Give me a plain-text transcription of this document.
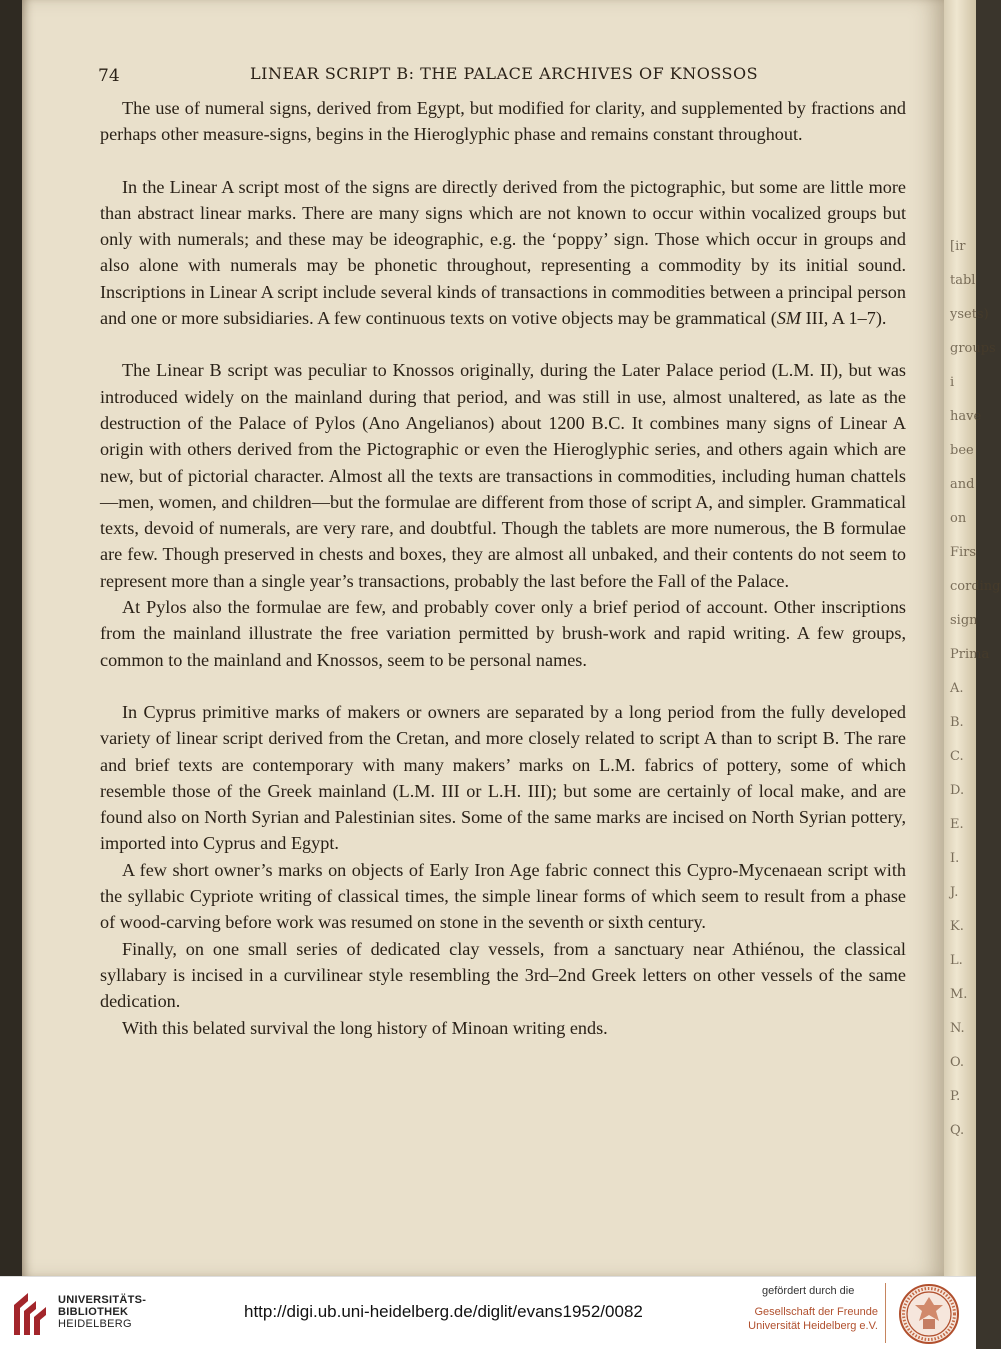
[ir tabl
ysets)
groups i
have bee
and on
Firs
cording
sign
Prima
A.
B.
C.
D.
E.
I.
J.
K.
L.
M.
N.
O.
P.
Q.
74	LINEAR SCRIPT B: THE PALACE ARCHIVES OF KNOSSOS

The use of numeral signs, derived from Egypt, but modified for clarity, and supplemented by fractions and perhaps other measure-signs, begins in the Hieroglyphic phase and remains constant throughout.

In the Linear A script most of the signs are directly derived from the pictographic, but some are little more than abstract linear marks. There are many signs which are not known to occur within vocalized groups but only with numerals; and these may be ideographic, e.g. the ‘poppy’ sign. Those which occur in groups and also alone with numerals may be phonetic throughout, representing a commodity by its initial sound. Inscriptions in Linear A script include several kinds of transactions in commodities between a principal person and one or more subsidiaries. A few continuous texts on votive objects may be grammatical (SM III, A 1–7).

The Linear B script was peculiar to Knossos originally, during the Later Palace period (L.M. II), but was introduced widely on the mainland during that period, and was still in use, almost unaltered, as late as the destruction of the Palace of Pylos (Ano Angelianos) about 1200 B.C. It combines many signs of Linear A origin with others derived from the Pictographic or even the Hieroglyphic series, and others again which are new, but of pictorial character. Almost all the texts are transactions in commodities, including human chattels—men, women, and children—but the formulae are different from those of script A, and simpler. Grammatical texts, devoid of numerals, are very rare, and doubtful. Though the tablets are more numerous, the B formulae are few. Though preserved in chests and boxes, they are almost all unbaked, and their contents do not seem to represent more than a single year’s transactions, probably the last before the Fall of the Palace.

At Pylos also the formulae are few, and probably cover only a brief period of account. Other inscriptions from the mainland illustrate the free variation permitted by brush-work and rapid writing. A few groups, common to the mainland and Knossos, seem to be personal names.

In Cyprus primitive marks of makers or owners are separated by a long period from the fully developed variety of linear script derived from the Cretan, and more closely related to script A than to script B. The rare and brief texts are contemporary with many makers’ marks on L.M. fabrics of pottery, some of which resemble those of the Greek mainland (L.M. III or L.H. III); but some are certainly of local make, and are found also on North Syrian and Palestinian sites. Some of the same marks are incised on North Syrian pottery, imported into Cyprus and Egypt.

A few short owner’s marks on objects of Early Iron Age fabric connect this Cypro-Mycenaean script with the syllabic Cypriote writing of classical times, the simple linear forms of which seem to result from a phase of wood-carving before work was resumed on stone in the seventh or sixth century.

Finally, on one small series of dedicated clay vessels, from a sanctuary near Athiénou, the classical syllabary is incised in a curvilinear style resembling the 3rd–2nd Greek letters on other vessels of the same dedication.

With this belated survival the long history of Minoan writing ends.

UNIVERSITÄTS-
BIBLIOTHEK
HEIDELBERG
http://digi.ub.uni-heidelberg.de/diglit/evans1952/0082
gefördert durch die
Gesellschaft der Freunde
Universität Heidelberg e.V.
